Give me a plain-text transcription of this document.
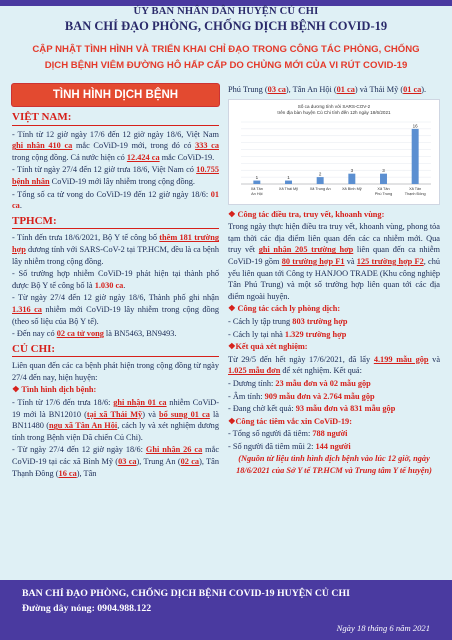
ỦY BAN NHÂN DÂN HUYỆN CỦ CHI
BAN CHỈ ĐẠO PHÒNG, CHỐNG DỊCH BỆNH COVID-19
CẬP NHẬT TÌNH HÌNH VÀ TRIỂN KHAI CHỈ ĐẠO TRONG CÔNG TÁC PHÒNG, CHỐNG
DỊCH BỆNH VIÊM ĐƯỜNG HÔ HẤP CẤP DO CHỦNG MỚI CỦA VI RÚT COVID-19
TÌNH HÌNH DỊCH BỆNH
VIỆT NAM:
- Tính từ 12 giờ ngày 17/6 đến 12 giờ ngày 18/6, Việt Nam ghi nhận 410 ca mắc CoViD-19 mới, trong đó có 333 ca trong cộng đồng. Cả nước hiện có 12.424 ca mắc CoViD-19.
- Tính từ ngày 27/4 đến 12 giờ trưa 18/6, Việt Nam có 10.755 bệnh nhân CoViD-19 mới lây nhiễm trong cộng đồng.
- Tổng số ca tử vong do CoViD-19 đến 12 giờ ngày 18/6: 01 ca.
TPHCM:
- Tính đến trưa 18/6/2021, Bộ Y tế công bố thêm 181 trường hợp dương tính với SARS-CoV-2 tại TP.HCM, đều là ca bệnh lây nhiễm trong cộng đồng.
- Số trường hợp nhiễm CoViD-19 phát hiện tại thành phố được Bộ Y tế công bố là 1.030 ca.
- Từ ngày 27/4 đến 12 giờ ngày 18/6, Thành phố ghi nhận 1.316 ca nhiễm mới CoViD-19 lây nhiễm trong cộng đồng (theo số liệu của Bộ Y tế).
- Đến nay có 02 ca tử vong là BN5463, BN9493.
CỦ CHI:
Liên quan đến các ca bệnh phát hiện trong cộng đồng từ ngày 27/4 đến nay, hiện huyện:
❖ Tình hình dịch bệnh:
- Tính từ 17/6 đến trưa 18/6: ghi nhận 01 ca nhiễm CoViD-19 mới là BN12010 (tại xã Thái Mỹ) và bổ sung 01 ca là BN11480 (ngụ xã Tân An Hội, cách ly và xét nghiệm dương tính trong Bệnh viện Dã chiến Củ Chi).
- Từ ngày 27/4 đến 12 giờ ngày 18/6: Ghi nhận 26 ca mắc CoViD-19 tại các xã Bình Mỹ (03 ca), Trung An (02 ca), Tân Thạnh Đông (16 ca), Tân
Phú Trung (03 ca), Tân An Hội (01 ca) và Thái Mỹ (01 ca).
Số ca dương tính với SARS-COV-2
trên địa bàn huyện Củ Chi tính đến 12h ngày 18/6/2021
1
Xã Tân
An Hội
1
Xã Thái Mỹ
2
Xã Trung An
3
Xã Bình Mỹ
3
Xã Tân
Phú Trung
16
Xã Tân
Thạnh Đông
❖ Công tác điều tra, truy vết, khoanh vùng:
Trong ngày thực hiện điều tra truy vết, khoanh vùng, phong tỏa tạm thời các địa điểm liên quan đến các ca nhiễm mới. Qua truy vết ghi nhận 205 trường hợp liên quan đến ca nhiễm CoViD-19 gồm 80 trường hợp F1 và 125 trường hợp F2, chủ yếu liên quan tới Công ty HANJOO TRADE (Khu công nghiệp Tân Phú Trung) và một số trường hợp liên quan tới các địa điểm ngoài huyện.
❖ Công tác cách ly phòng dịch:
- Cách ly tập trung 803 trường hợp
- Cách ly tại nhà 1.329 trường hợp
❖Kết quả xét nghiệm:
Từ 29/5 đến hết ngày 17/6/2021, đã lấy 4.199 mẫu gộp và 1.025 mẫu đơn để xét nghiệm. Kết quả:
- Dương tính: 23 mẫu đơn và 02 mẫu gộp
- Âm tính: 909 mẫu đơn và 2.764 mẫu gộp
- Đang chờ kết quả: 93 mẫu đơn và 831 mẫu gộp
❖Công tác tiêm vắc xin CoViD-19:
- Tổng số người đã tiêm: 788 người
- Số người đã tiêm mũi 2: 144 người
(Nguồn từ liệu tình hình dịch bệnh vào lúc 12 giờ, ngày 18/6/2021 của Sở Y tế TP.HCM và Trung tâm Y tế huyện)
BAN CHỈ ĐẠO PHÒNG, CHỐNG DỊCH BỆNH COVID-19 HUYỆN CỦ CHI
Đường dây nóng: 0904.988.122
Ngày 18 tháng 6 năm 2021
